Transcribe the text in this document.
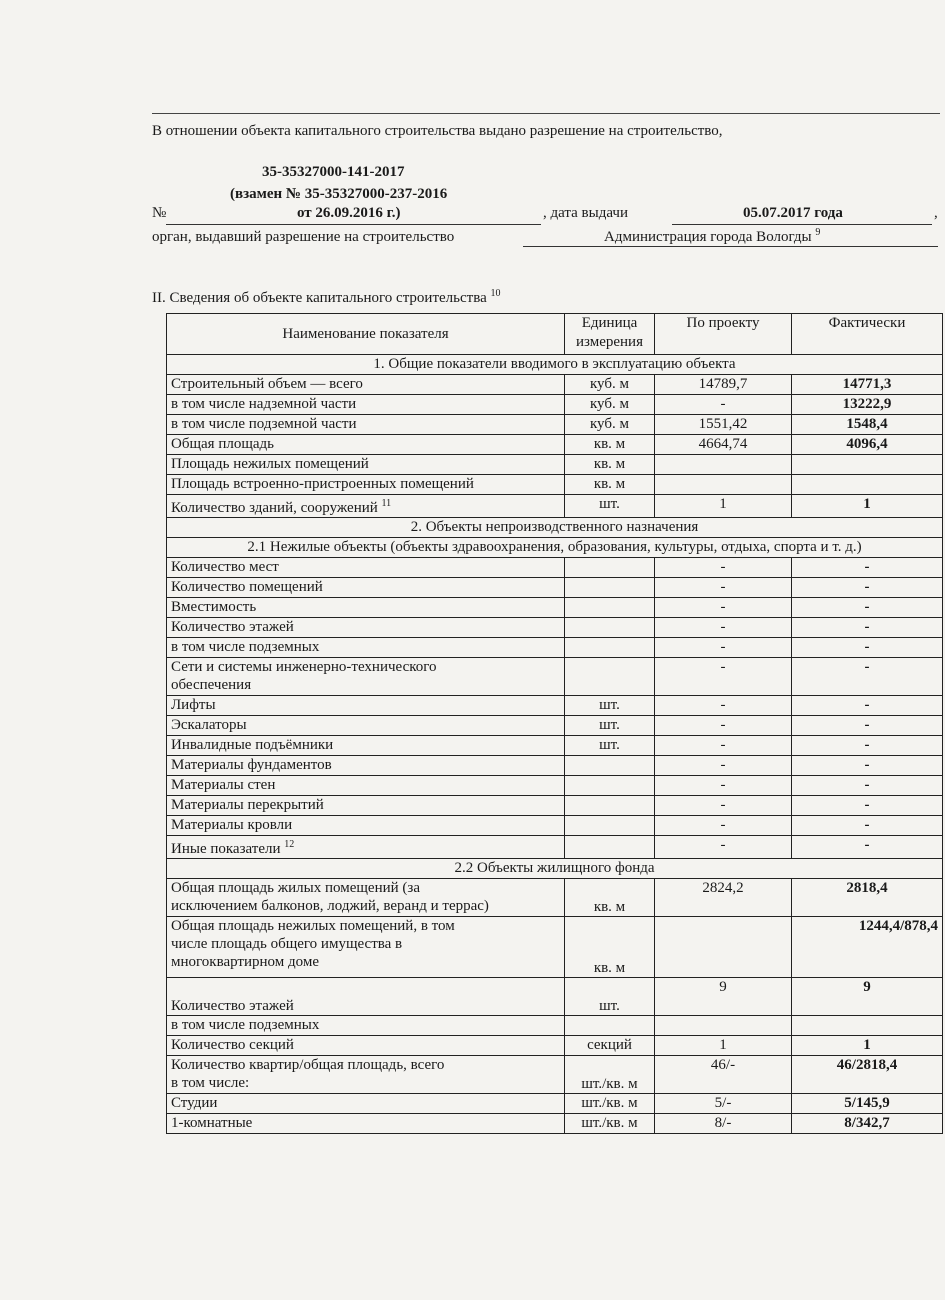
В отношении объекта капитального строительства выдано разрешение на строительство,
35-35327000-141-2017
(взамен № 35-35327000-237-2016
№	от 26.09.2016 г.)	, дата выдачи	05.07.2017 года	,
орган, выдавший разрешение на строительство	Администрация города Вологды $^9$
II. Сведения об объекте капитального строительства $^{10}$
Наименование показателя	Единица измерения	По проекту	Фактически
1. Общие показатели вводимого в эксплуатацию объекта			
Строительный объем — всего	куб. м	14789,7	14771,3
в том числе надземной части	куб. м	-	13222,9
в том числе подземной части	куб. м	1551,42	1548,4
Общая площадь	кв. м	4664,74	4096,4
Площадь нежилых помещений	кв. м		
Площадь встроенно-пристроенных помещений	кв. м		
Количество зданий, сооружений $^{11}$	шт.	1	1
2. Объекты непроизводственного назначения			
2.1 Нежилые объекты (объекты здравоохранения, образования, культуры, отдыха, спорта и т. д.)			
Количество мест		-	-
Количество помещений		-	-
Вместимость		-	-
Количество этажей		-	-
в том числе подземных		-	-
Сети и системы инженерно-технического
обеспечения		-	-
Лифты	шт.	-	-
Эскалаторы	шт.	-	-
Инвалидные подъёмники	шт.	-	-
Материалы фундаментов		-	-
Материалы стен		-	-
Материалы перекрытий		-	-
Материалы кровли		-	-
Иные показатели $^{12}$		-	-
2.2 Объекты жилищного фонда			
Общая площадь жилых помещений (за
исключением балконов, лоджий, веранд и террас)	кв. м	2824,2	2818,4
Общая площадь нежилых помещений, в том
числе площадь общего имущества в
многоквартирном доме	кв. м		1244,4/878,4
Количество этажей	шт.	9	9
в том числе подземных			
Количество секций	секций	1	1
Количество квартир/общая площадь, всего
в том числе:	шт./кв. м	46/-	46/2818,4
Студии	шт./кв. м	5/-	5/145,9
1-комнатные	шт./кв. м	8/-	8/342,7
